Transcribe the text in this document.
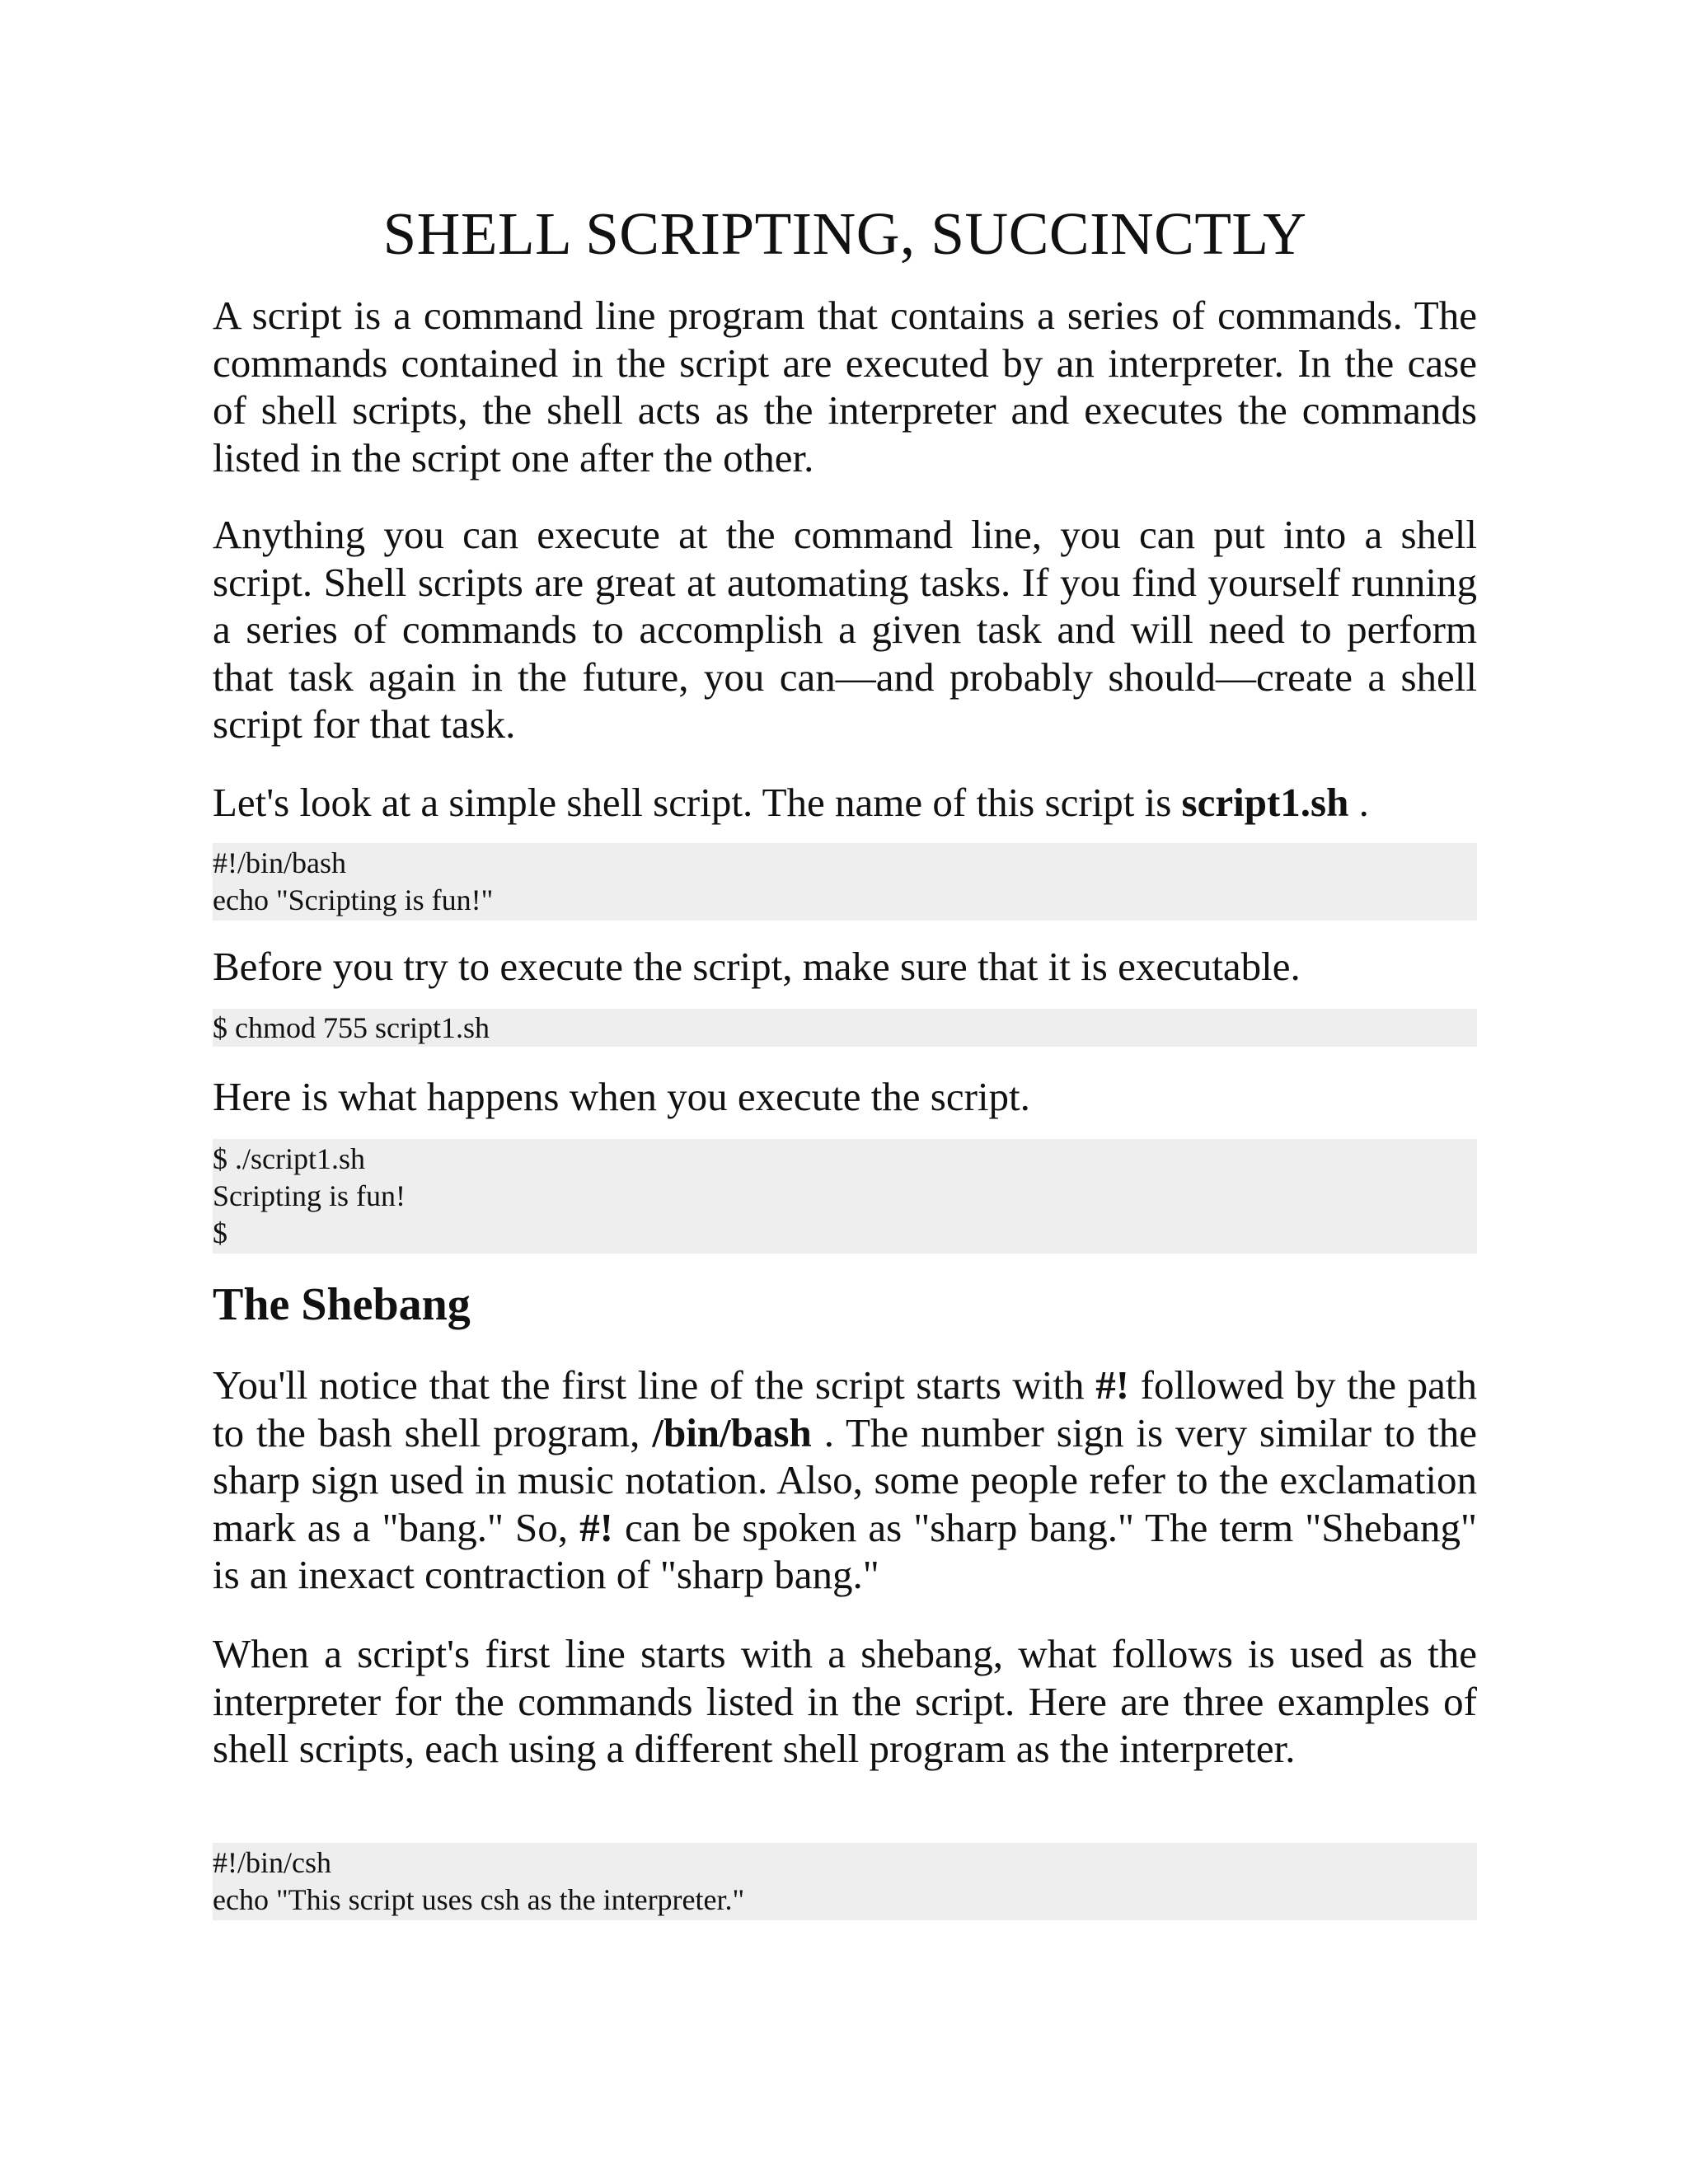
SHELL SCRIPTING, SUCCINCTLY

A script is a command line program that contains a series of commands. The commands contained in the script are executed by an interpreter. In the case of shell scripts, the shell acts as the interpreter and executes the commands listed in the script one after the other.

Anything you can execute at the command line, you can put into a shell script. Shell scripts are great at automating tasks. If you find yourself running a series of commands to accomplish a given task and will need to perform that task again in the future, you can—and probably should—create a shell script for that task.

Let's look at a simple shell script. The name of this script is script1.sh .

#!/bin/bash
echo "Scripting is fun!"

Before you try to execute the script, make sure that it is executable.

$ chmod 755 script1.sh

Here is what happens when you execute the script.

$ ./script1.sh
Scripting is fun!
$
The Shebang

You'll notice that the first line of the script starts with #! followed by the path to the bash shell program, /bin/bash . The number sign is very similar to the sharp sign used in music notation. Also, some people refer to the exclamation mark as a "bang." So, #! can be spoken as "sharp bang." The term "Shebang" is an inexact contraction of "sharp bang."

When a script's first line starts with a shebang, what follows is used as the interpreter for the commands listed in the script. Here are three examples of shell scripts, each using a different shell program as the interpreter.

#!/bin/csh
echo "This script uses csh as the interpreter."
